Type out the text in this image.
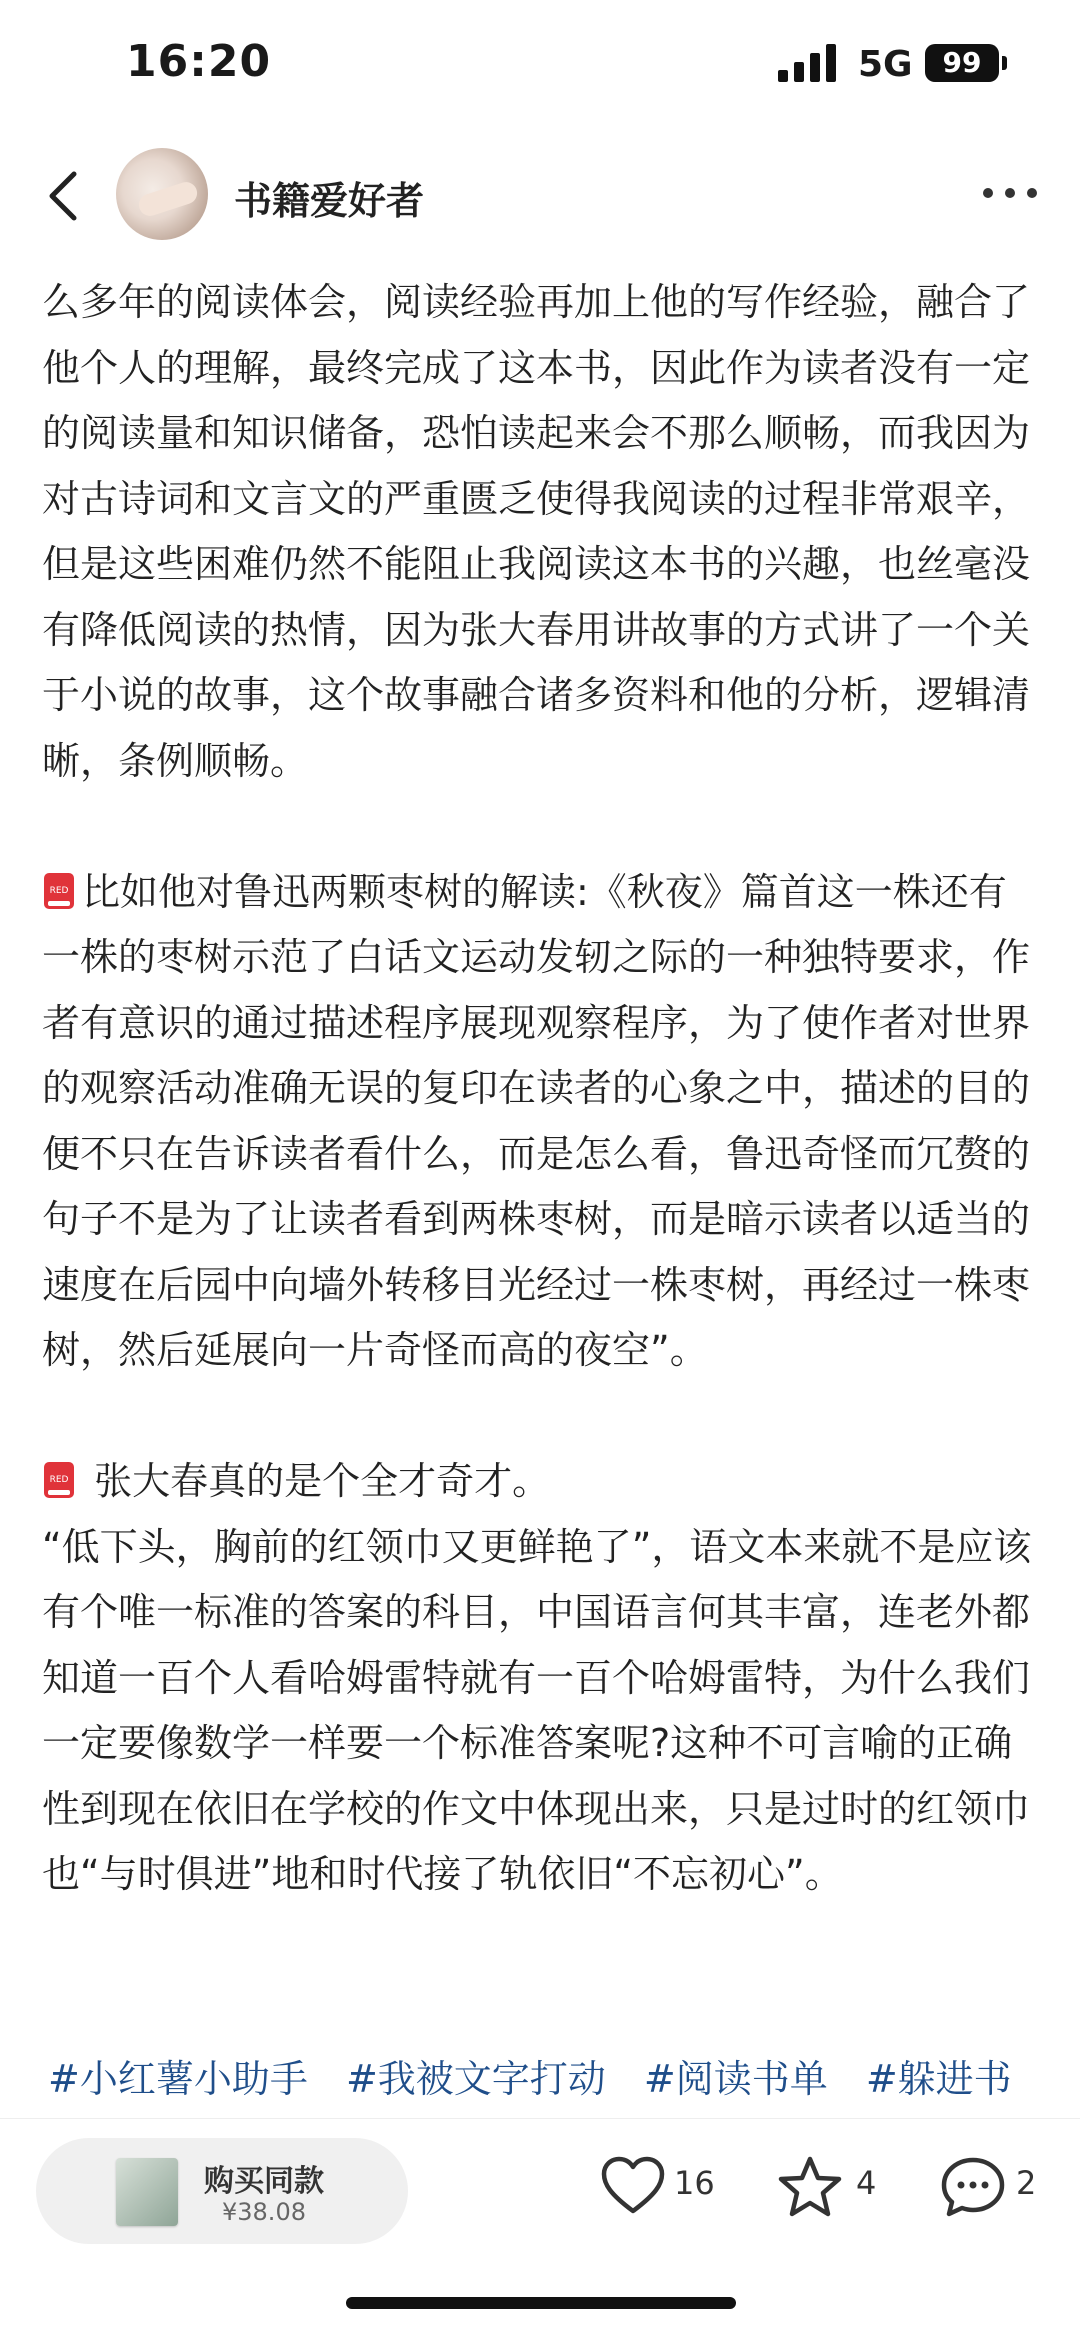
16:20	5G	99
书籍爱好者

么多年的阅读体会，阅读经验再加上他的写作经验，融合了他个人的理解，最终完成了这本书，因此作为读者没有一定的阅读量和知识储备，恐怕读起来会不那么顺畅，而我因为对古诗词和文言文的严重匮乏使得我阅读的过程非常艰辛，但是这些困难仍然不能阻止我阅读这本书的兴趣，也丝毫没有降低阅读的热情，因为张大春用讲故事的方式讲了一个关于小说的故事，这个故事融合诸多资料和他的分析，逻辑清晰，条例顺畅。

RED 比如他对鲁迅两颗枣树的解读:《秋夜》篇首这一株还有一株的枣树示范了白话文运动发轫之际的一种独特要求，作者有意识的通过描述程序展现观察程序，为了使作者对世界的观察活动准确无误的复印在读者的心象之中，描述的目的便不只在告诉读者看什么，而是怎么看，鲁迅奇怪而冗赘的句子不是为了让读者看到两株枣树，而是暗示读者以适当的速度在后园中向墙外转移目光经过一株枣树，再经过一株枣树，然后延展向一片奇怪而高的夜空”。

RED 张大春真的是个全才奇才。

“低下头，胸前的红领巾又更鲜艳了”，语文本来就不是应该有个唯一标准的答案的科目，中国语言何其丰富，连老外都知道一百个人看哈姆雷特就有一百个哈姆雷特，为什么我们一定要像数学一样要一个标准答案呢?这种不可言喻的正确性到现在依旧在学校的作文中体现出来，只是过时的红领巾也“与时俱进”地和时代接了轨依旧“不忘初心”。

#小红薯小助手 #我被文字打动 #阅读书单 #躲进书
购买同款
¥38.08
16	4	2
